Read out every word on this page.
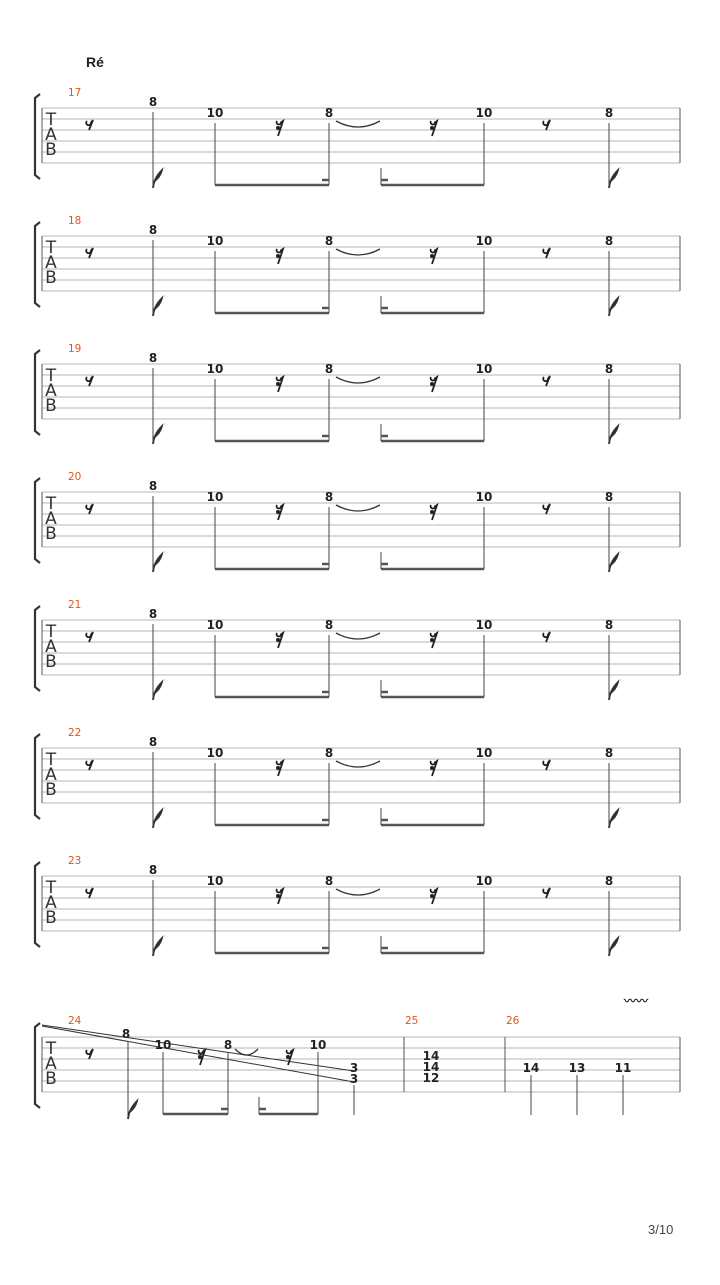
Ré
T
A
B
17
8
10	8	10	8
T
A
B
18
8
10	8	10	8
T
A
B
19
8
10	8	10	8
T
A
B
20
8
10	8	10	8
T
A
B
21
8
10	8	10	8
T
A
B
22
8
10	8	10	8
T
A
B
23
8
10	8	10	8
T
A
B
24	25	26
8
10	8	10
3
3
14
14
12
14 13 11
〰〰
3/10
